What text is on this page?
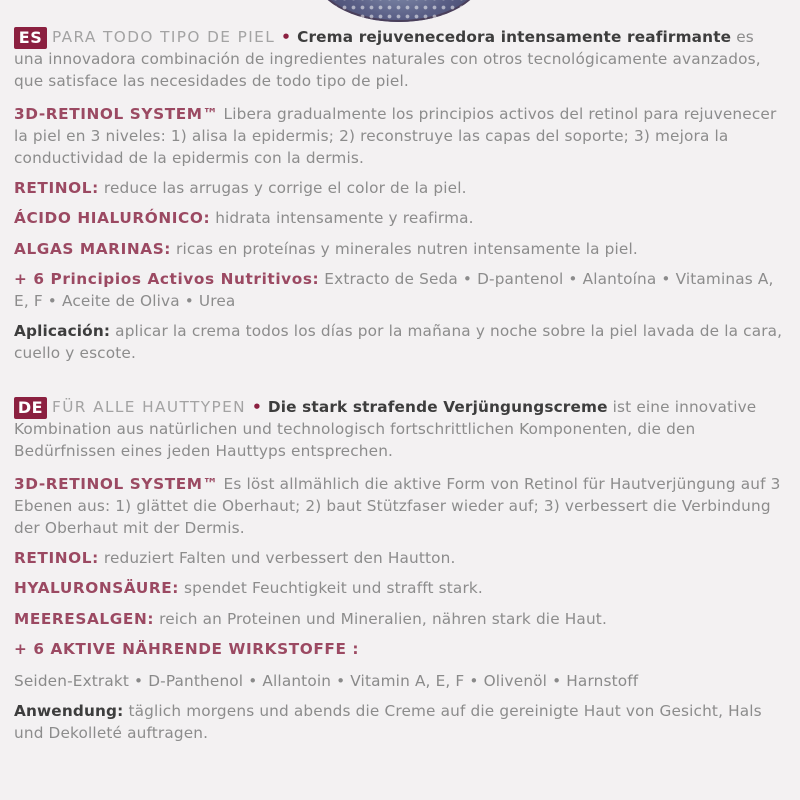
ES PARA TODO TIPO DE PIEL • Crema rejuvenecedora intensamente reafirmante es una innovadora combinación de ingredientes naturales con otros tecnológicamente avanzados, que satisface las necesidades de todo tipo de piel.

3D-RETINOL SYSTEM™ Libera gradualmente los principios activos del retinol para rejuvenecer la piel en 3 niveles: 1) alisa la epidermis; 2) reconstruye las capas del soporte; 3) mejora la conductividad de la epidermis con la dermis.

RETINOL: reduce las arrugas y corrige el color de la piel.

ÁCIDO HIALURÓNICO: hidrata intensamente y reafirma.

ALGAS MARINAS: ricas en proteínas y minerales nutren intensamente la piel.

+ 6 Principios Activos Nutritivos: Extracto de Seda • D-pantenol • Alantoína • Vitaminas A, E, F • Aceite de Oliva • Urea

Aplicación: aplicar la crema todos los días por la mañana y noche sobre la piel lavada de la cara, cuello y escote.

DE FÜR ALLE HAUTTYPEN • Die stark strafende Verjüngungscreme ist eine innovative Kombination aus natürlichen und technologisch fortschrittlichen Komponenten, die den Bedürfnissen eines jeden Hauttyps entsprechen.

3D-RETINOL SYSTEM™ Es löst allmählich die aktive Form von Retinol für Hautverjüngung auf 3 Ebenen aus: 1) glättet die Oberhaut; 2) baut Stützfaser wieder auf; 3) verbessert die Verbindung der Oberhaut mit der Dermis.

RETINOL: reduziert Falten und verbessert den Hautton.

HYALURONSÄURE: spendet Feuchtigkeit und strafft stark.

MEERESALGEN: reich an Proteinen und Mineralien, nähren stark die Haut.

+ 6 AKTIVE NÄHRENDE WIRKSTOFFE :

Seiden-Extrakt • D-Panthenol • Allantoin • Vitamin A, E, F • Olivenöl • Harnstoff

Anwendung: täglich morgens und abends die Creme auf die gereinigte Haut von Gesicht, Hals und Dekolleté auftragen.
